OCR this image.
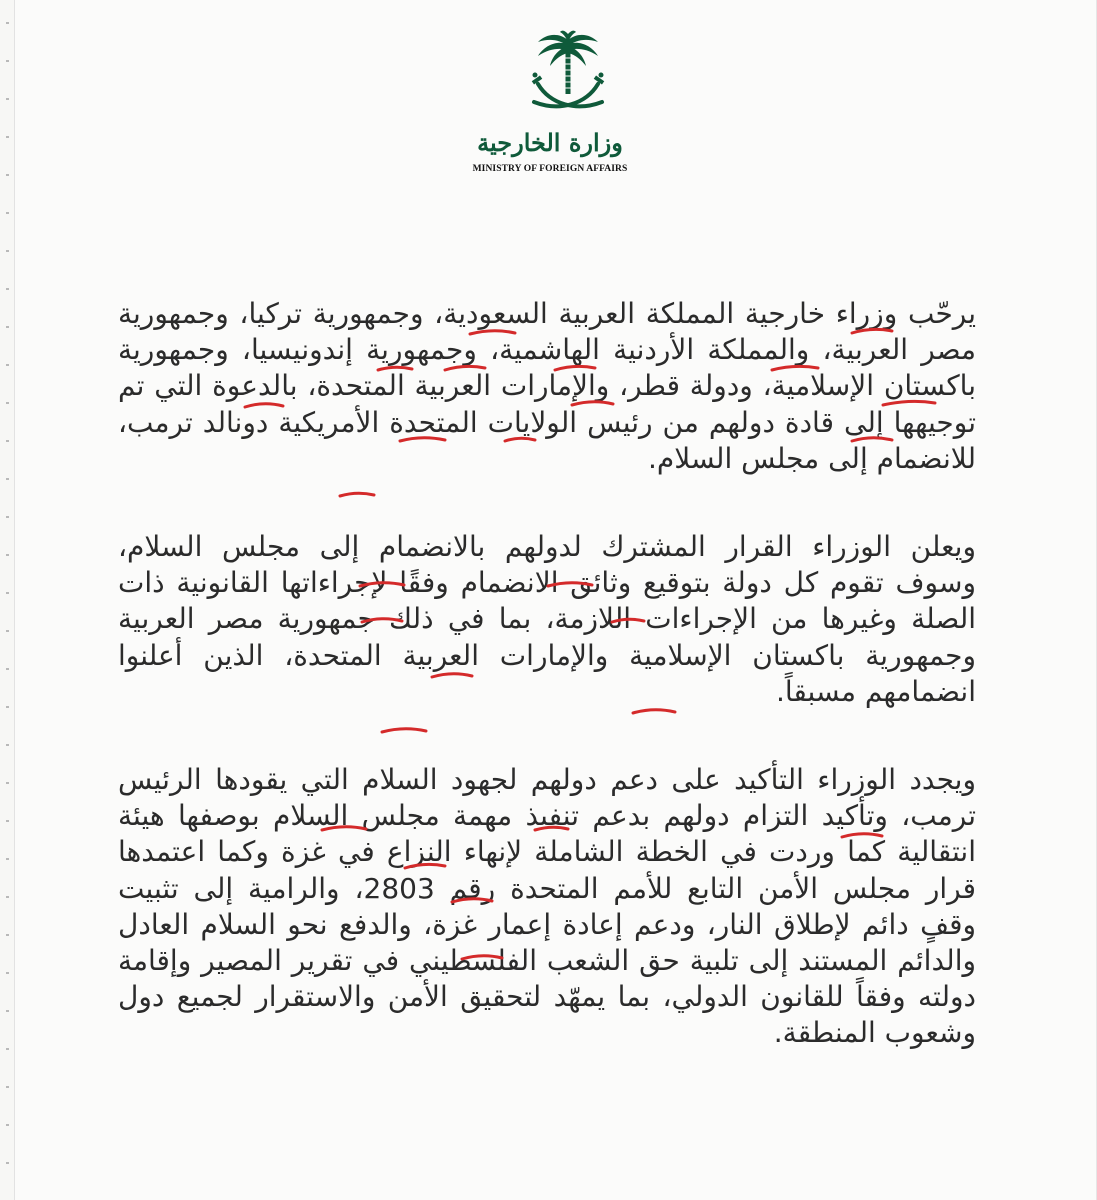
وزارة الخارجية
MINISTRY OF FOREIGN AFFAIRS

يرحّب وزراء خارجية المملكة العربية السعودية، وجمهورية تركيا، وجمهورية مصر العربية، والمملكة الأردنية الهاشمية، وجمهورية إندونيسيا، وجمهورية باكستان الإسلامية، ودولة قطر، والإمارات العربية المتحدة، بالدعوة التي تم توجيهها إلى قادة دولهم من رئيس الولايات المتحدة الأمريكية دونالد ترمب، للانضمام إلى مجلس السلام.

ويعلن الوزراء القرار المشترك لدولهم بالانضمام إلى مجلس السلام، وسوف تقوم كل دولة بتوقيع وثائق الانضمام وفقًا لإجراءاتها القانونية ذات الصلة وغيرها من الإجراءات اللازمة، بما في ذلك جمهورية مصر العربية وجمهورية باكستان الإسلامية والإمارات العربية المتحدة، الذين أعلنوا انضمامهم مسبقاً.

ويجدد الوزراء التأكيد على دعم دولهم لجهود السلام التي يقودها الرئيس ترمب، وتأكيد التزام دولهم بدعم تنفيذ مهمة مجلس السلام بوصفها هيئة انتقالية كما وردت في الخطة الشاملة لإنهاء النزاع في غزة وكما اعتمدها قرار مجلس الأمن التابع للأمم المتحدة رقم 2803، والرامية إلى تثبيت وقفٍ دائم لإطلاق النار، ودعم إعادة إعمار غزة، والدفع نحو السلام العادل والدائم المستند إلى تلبية حق الشعب الفلسطيني في تقرير المصير وإقامة دولته وفقاً للقانون الدولي، بما يمهّد لتحقيق الأمن والاستقرار لجميع دول وشعوب المنطقة.
